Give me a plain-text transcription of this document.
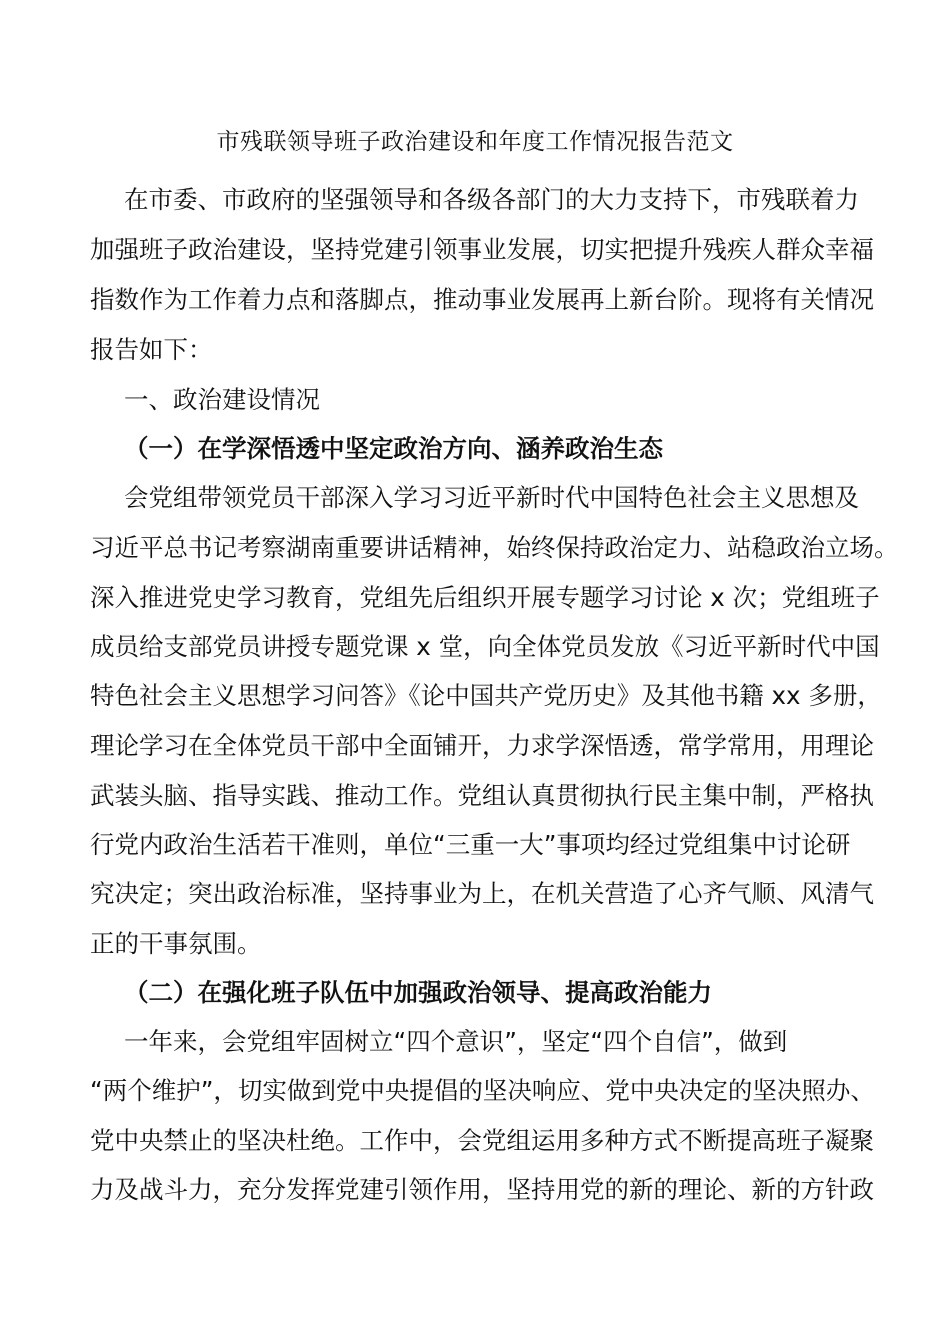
市残联领导班子政治建设和年度工作情况报告范文
在市委、市政府的坚强领导和各级各部门的大力支持下，市残联着力
加强班子政治建设，坚持党建引领事业发展，切实把提升残疾人群众幸福
指数作为工作着力点和落脚点，推动事业发展再上新台阶。现将有关情况
报告如下：
一、政治建设情况
（一）在学深悟透中坚定政治方向、涵养政治生态
会党组带领党员干部深入学习习近平新时代中国特色社会主义思想及
习近平总书记考察湖南重要讲话精神，始终保持政治定力、站稳政治立场。
深入推进党史学习教育，党组先后组织开展专题学习讨论 x 次；党组班子
成员给支部党员讲授专题党课 x 堂，向全体党员发放《习近平新时代中国
特色社会主义思想学习问答》《论中国共产党历史》及其他书籍 xx 多册，
理论学习在全体党员干部中全面铺开，力求学深悟透，常学常用，用理论
武装头脑、指导实践、推动工作。党组认真贯彻执行民主集中制，严格执
行党内政治生活若干准则，单位“三重一大”事项均经过党组集中讨论研
究决定；突出政治标准，坚持事业为上，在机关营造了心齐气顺、风清气
正的干事氛围。
（二）在强化班子队伍中加强政治领导、提高政治能力
一年来，会党组牢固树立“四个意识”，坚定“四个自信”，做到
“两个维护”，切实做到党中央提倡的坚决响应、党中央决定的坚决照办、
党中央禁止的坚决杜绝。工作中，会党组运用多种方式不断提高班子凝聚
力及战斗力，充分发挥党建引领作用，坚持用党的新的理论、新的方针政
